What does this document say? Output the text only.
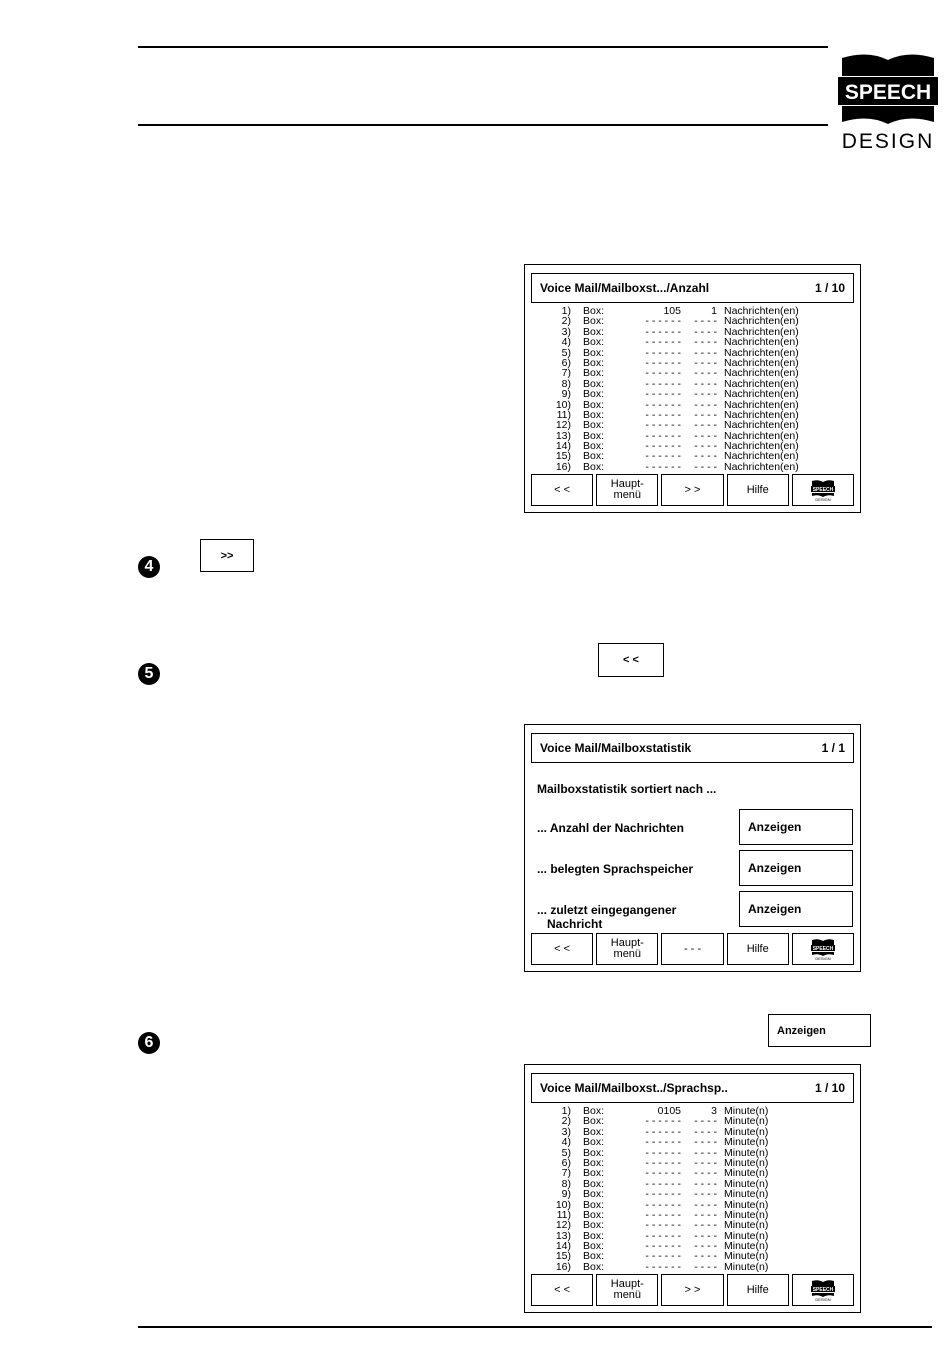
SPEECH
DESIGN
Voice Mail/Mailboxst.../Anzahl	1 / 10
1) Box:	105	1 Nachrichten(en)
2) Box:	- - - - - -	- - - - Nachrichten(en)
3) Box:	- - - - - -	- - - - Nachrichten(en)
4) Box:	- - - - - -	- - - - Nachrichten(en)
5) Box:	- - - - - -	- - - - Nachrichten(en)
6) Box:	- - - - - -	- - - - Nachrichten(en)
7) Box:	- - - - - -	- - - - Nachrichten(en)
8) Box:	- - - - - -	- - - - Nachrichten(en)
9) Box:	- - - - - -	- - - - Nachrichten(en)
10) Box:	- - - - - -	- - - - Nachrichten(en)
11) Box:	- - - - - -	- - - - Nachrichten(en)
12) Box:	- - - - - -	- - - - Nachrichten(en)
13) Box:	- - - - - -	- - - - Nachrichten(en)
14) Box:	- - - - - -	- - - - Nachrichten(en)
15) Box:	- - - - - -	- - - - Nachrichten(en)
16) Box:	- - - - - -	- - - - Nachrichten(en)
< <	Haupt-
menü	> >	Hilfe	SPEECH
DESIGN
4
>>
5
< <
Voice Mail/Mailboxstatistik	1 / 1
Mailboxstatistik sortiert nach ...
... Anzahl der Nachrichten	Anzeigen
... belegten Sprachspeicher	Anzeigen
... zuletzt eingegangener
Nachricht
Anzeigen
< <	Haupt-
menü	- - -	Hilfe	SPEECH
DESIGN
6
Anzeigen
Voice Mail/Mailboxst../Sprachsp..	1 / 10
1) Box:	0105	3 Minute(n)
2) Box:	- - - - - -	- - - - Minute(n)
3) Box:	- - - - - -	- - - - Minute(n)
4) Box:	- - - - - -	- - - - Minute(n)
5) Box:	- - - - - -	- - - - Minute(n)
6) Box:	- - - - - -	- - - - Minute(n)
7) Box:	- - - - - -	- - - - Minute(n)
8) Box:	- - - - - -	- - - - Minute(n)
9) Box:	- - - - - -	- - - - Minute(n)
10) Box:	- - - - - -	- - - - Minute(n)
11) Box:	- - - - - -	- - - - Minute(n)
12) Box:	- - - - - -	- - - - Minute(n)
13) Box:	- - - - - -	- - - - Minute(n)
14) Box:	- - - - - -	- - - - Minute(n)
15) Box:	- - - - - -	- - - - Minute(n)
16) Box:	- - - - - -	- - - - Minute(n)
< <	Haupt-
menü	> >	Hilfe	SPEECH
DESIGN
